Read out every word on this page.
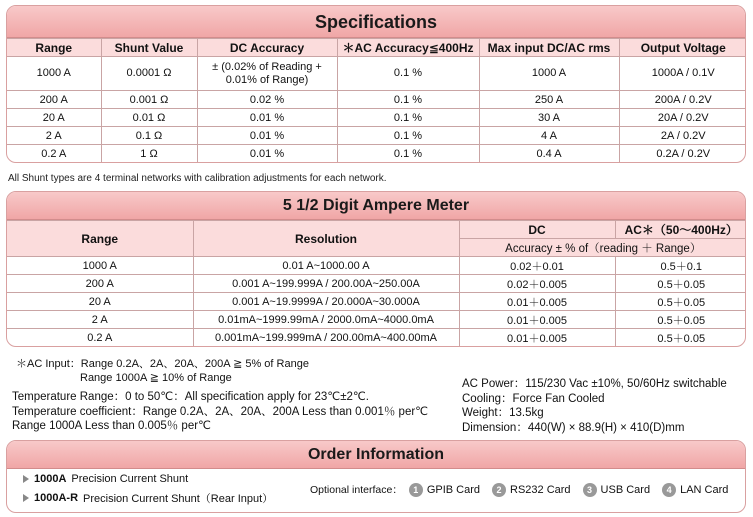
Specifications
Range	Shunt Value	DC Accuracy	＊AC Accuracy≦400Hz	Max input DC/AC rms	Output Voltage
1000 A	0.0001 Ω	± (0.02% of Reading + 0.01% of Range)	0.1 %	1000 A	1000A / 0.1V
200 A	0.001 Ω	0.02 %	0.1 %	250 A	200A / 0.2V
20 A	0.01 Ω	0.01 %	0.1 %	30 A	20A / 0.2V
2 A	0.1 Ω	0.01 %	0.1 %	4 A	2A / 0.2V
0.2 A	1 Ω	0.01 %	0.1 %	0.4 A	0.2A / 0.2V
All Shunt types are 4 terminal networks with calibration adjustments for each network.
5 1/2 Digit Ampere Meter
Range	Resolution	DC	AC＊（50～400Hz）
		Accuracy ± % of（reading ＋ Range）	
1000 A	0.01 A~1000.00 A	0.02＋0.01	0.5＋0.1
200 A	0.001 A~199.999A / 200.00A~250.00A	0.02＋0.005	0.5＋0.05
20 A	0.001 A~19.9999A / 20.000A~30.000A	0.01＋0.005	0.5＋0.05
2 A	0.01mA~1999.99mA / 2000.0mA~4000.0mA	0.01＋0.005	0.5＋0.05
0.2 A	0.001mA~199.999mA / 200.00mA~400.00mA	0.01＋0.005	0.5＋0.05
＊AC Input：Range 0.2A、2A、20A、200A ≧ 5% of Range
Range 1000A ≧ 10% of Range
Temperature Range：0 to 50℃：All specification apply for 23℃±2℃.
Temperature coefficient：Range 0.2A、2A、20A、200A Less than 0.001％ per℃
Range 1000A Less than 0.005％ per℃
AC Power：115/230 Vac ±10%, 50/60Hz switchable
Cooling：Force Fan Cooled
Weight：13.5kg
Dimension：440(W) × 88.9(H) × 410(D)mm
Order Information
1000A Precision Current Shunt
1000A-R Precision Current Shunt（Rear Input）
Optional interface：	1 GPIB Card	2 RS232 Card	3 USB Card	4 LAN Card
